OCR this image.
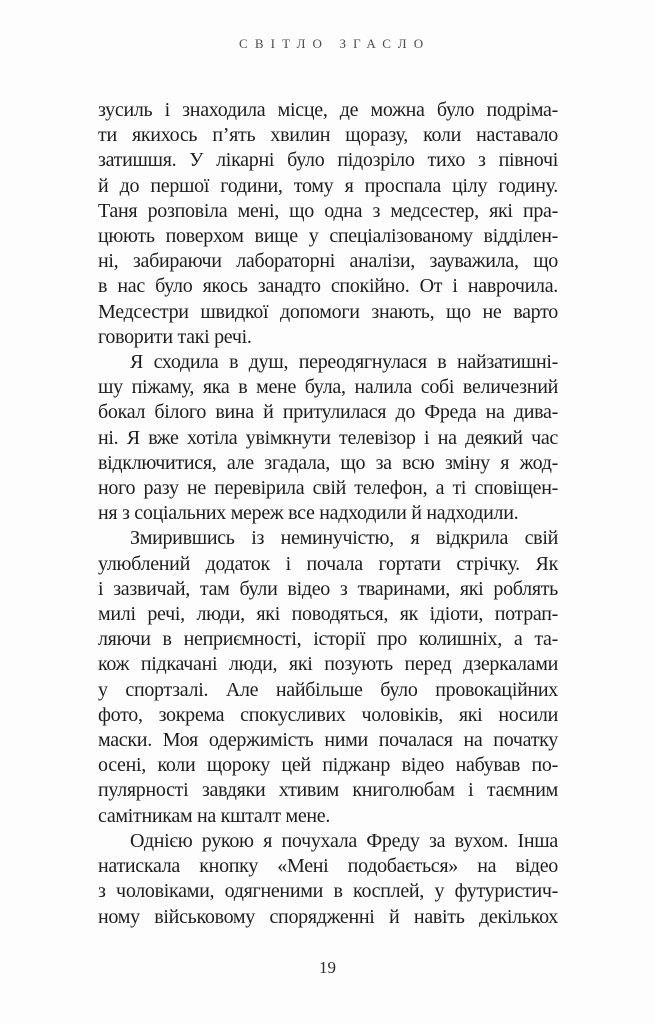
СВІТЛО ЗГАСЛО
зусиль і знаходила місце, де можна було подріма-
ти якихось п’ять хвилин щоразу, коли наставало
затишшя. У лікарні було підозріло тихо з півночі
й до першої години, тому я проспала цілу годину.
Таня розповіла мені, що одна з медсестер, які пра-
цюють поверхом вище у спеціалізованому відділен-
ні, забираючи лабораторні аналізи, зауважила, що
в нас було якось занадто спокійно. От і наврочила.
Медсестри швидкої допомоги знають, що не варто
говорити такі речі.
Я сходила в душ, переодягнулася в найзатишні-
шу піжаму, яка в мене була, налила собі величезний
бокал білого вина й притулилася до Фреда на дива-
ні. Я вже хотіла увімкнути телевізор і на деякий час
відключитися, але згадала, що за всю зміну я жод-
ного разу не перевірила свій телефон, а ті сповіщен-
ня з соціальних мереж все надходили й надходили.
Змирившись із неминучістю, я відкрила свій
улюблений додаток і почала гортати стрічку. Як
і зазвичай, там були відео з тваринами, які роблять
милі речі, люди, які поводяться, як ідіоти, потрап-
ляючи в неприємності, історії про колишніх, а та-
кож підкачані люди, які позують перед дзеркалами
у спортзалі. Але найбільше було провокаційних
фото, зокрема спокусливих чоловіків, які носили
маски. Моя одержимість ними почалася на початку
осені, коли щороку цей піджанр відео набував по-
пулярності завдяки хтивим книголюбам і таємним
самітникам на кшталт мене.
Однією рукою я почухала Фреду за вухом. Інша
натискала кнопку «Мені подобається» на відео
з чоловіками, одягненими в косплей, у футуристич-
ному військовому спорядженні й навіть декількох
19
